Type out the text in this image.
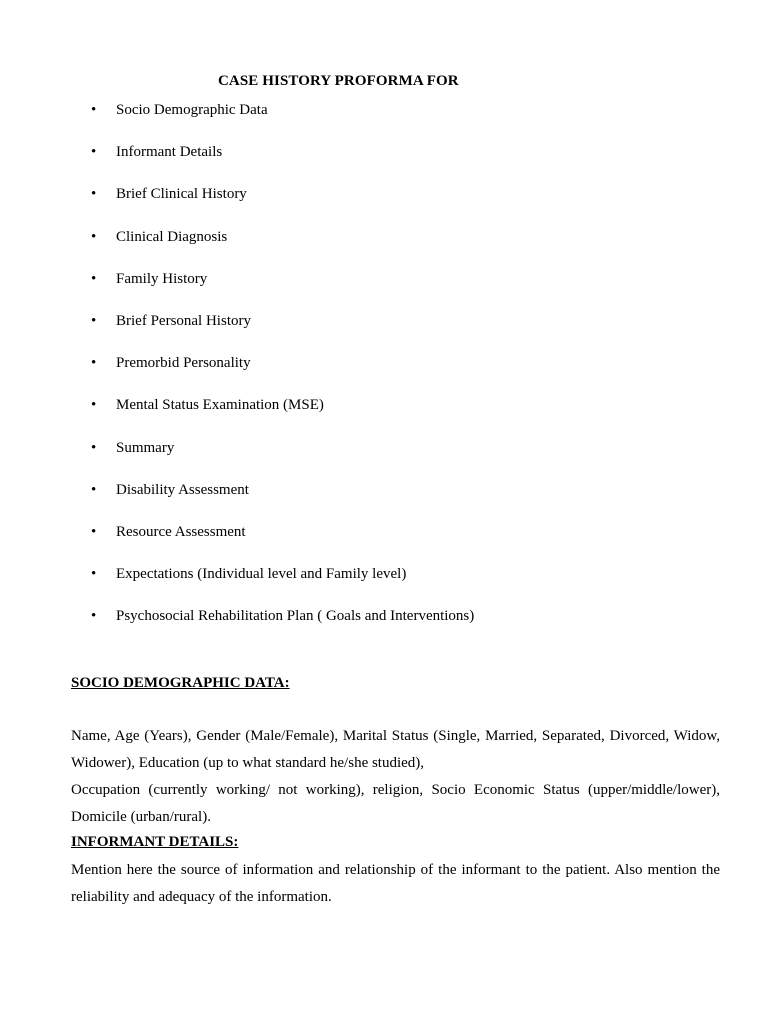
CASE HISTORY PROFORMA FOR
• Socio Demographic Data
• Informant Details
• Brief Clinical History
• Clinical Diagnosis
• Family History
• Brief Personal History
• Premorbid Personality
• Mental Status Examination (MSE)
• Summary
• Disability Assessment
• Resource Assessment
• Expectations (Individual level and Family level)
• Psychosocial Rehabilitation Plan ( Goals and Interventions)
SOCIO DEMOGRAPHIC DATA:

Name, Age (Years), Gender (Male/Female), Marital Status (Single, Married, Separated, Divorced, Widow,
Widower), Education (up to what standard he/she studied),

Occupation (currently working/ not working), religion, Socio Economic Status (upper/middle/lower),
Domicile (urban/rural).

INFORMANT DETAILS:

Mention here the source of information and relationship of the informant to the patient. Also mention the
reliability and adequacy of the information.
